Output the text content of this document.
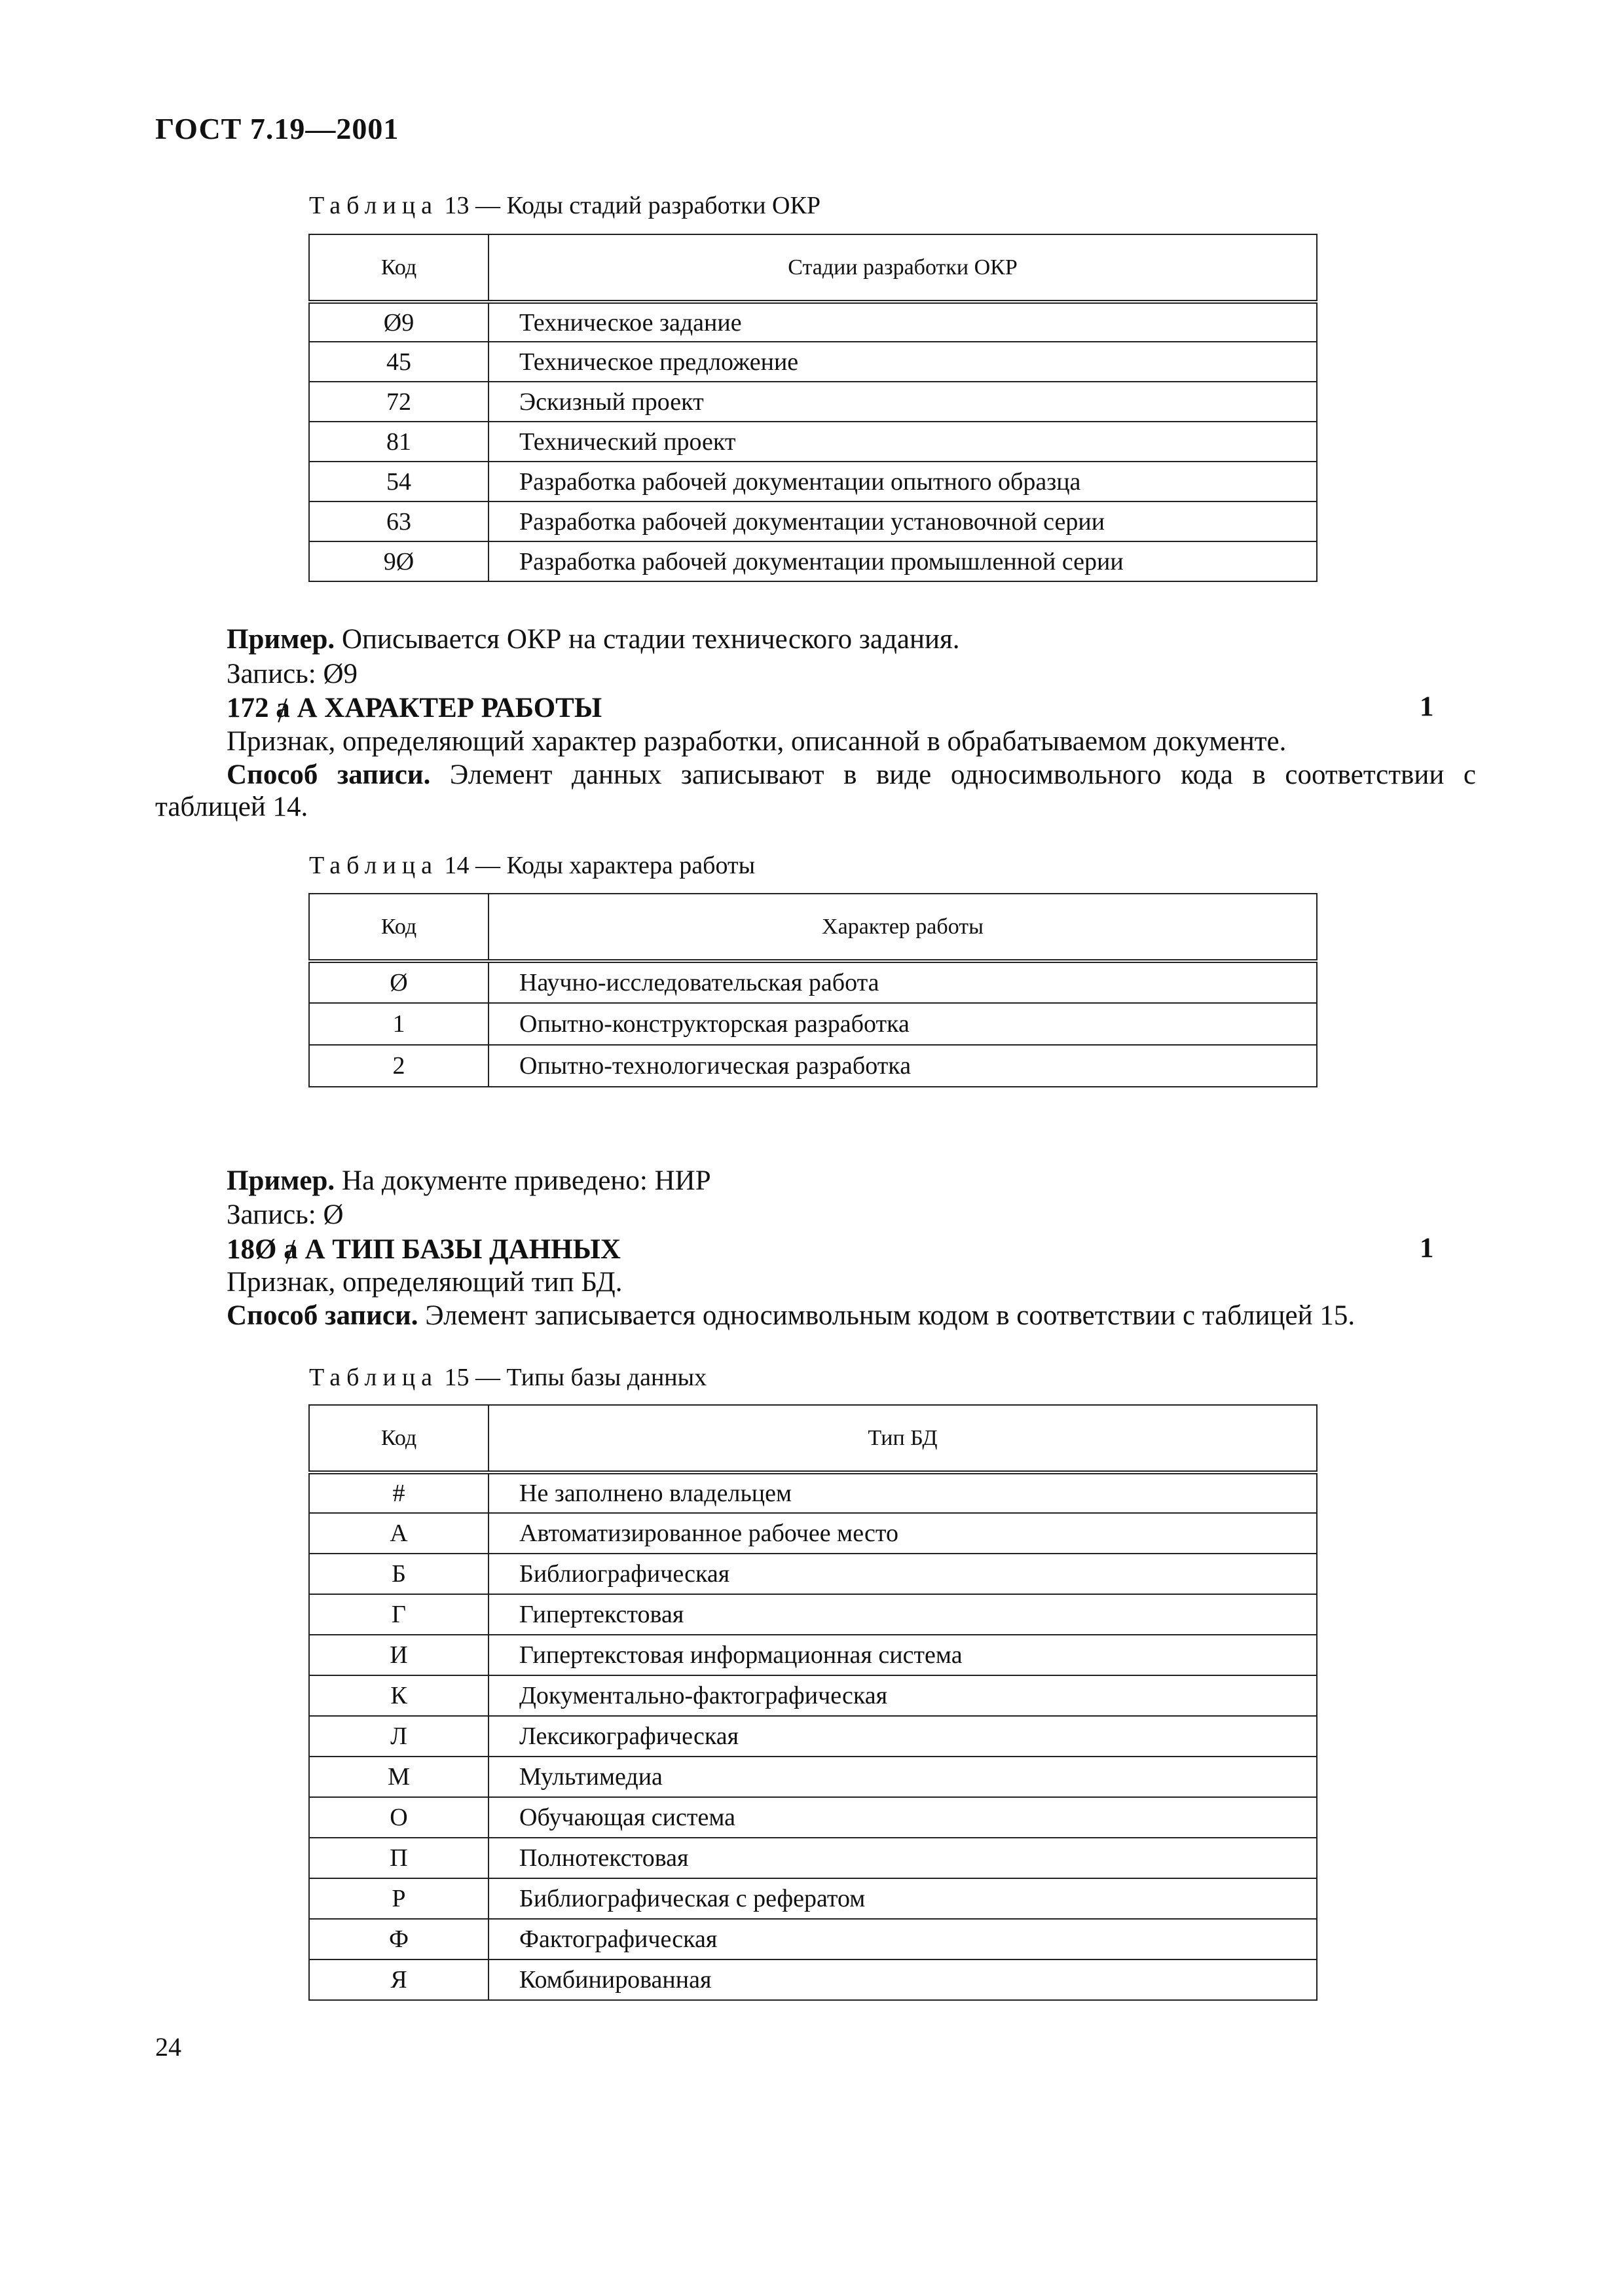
ГОСТ 7.19—2001
Таблица 13 — Коды стадий разработки ОКР
Код	Стадии разработки ОКР
Ø9	Техническое задание
45	Техническое предложение
72	Эскизный проект
81	Технический проект
54	Разработка рабочей документации опытного образца
63	Разработка рабочей документации установочной серии
9Ø	Разработка рабочей документации промышленной серии
Пример. Описывается ОКР на стадии технического задания.
Запись: Ø9
172 ⱥ А ХАРАКТЕР РАБОТЫ	1
Признак, определяющий характер разработки, описанной в обрабатываемом документе.
Способ записи. Элемент данных записывают в виде односимвольного кода в соответствии с
таблицей 14.
Таблица 14 — Коды характера работы
Код	Характер работы
Ø	Научно-исследовательская работа
1	Опытно-конструкторская разработка
2	Опытно-технологическая разработка
Пример. На документе приведено: НИР
Запись: Ø
18Ø ⱥ А ТИП БАЗЫ ДАННЫХ	1
Признак, определяющий тип БД.
Способ записи. Элемент записывается односимвольным кодом в соответствии с таблицей 15.
Таблица 15 — Типы базы данных
Код	Тип БД
#	Не заполнено владельцем
А	Автоматизированное рабочее место
Б	Библиографическая
Г	Гипертекстовая
И	Гипертекстовая информационная система
К	Документально-фактографическая
Л	Лексикографическая
М	Мультимедиа
О	Обучающая система
П	Полнотекстовая
Р	Библиографическая с рефератом
Ф	Фактографическая
Я	Комбинированная
24
